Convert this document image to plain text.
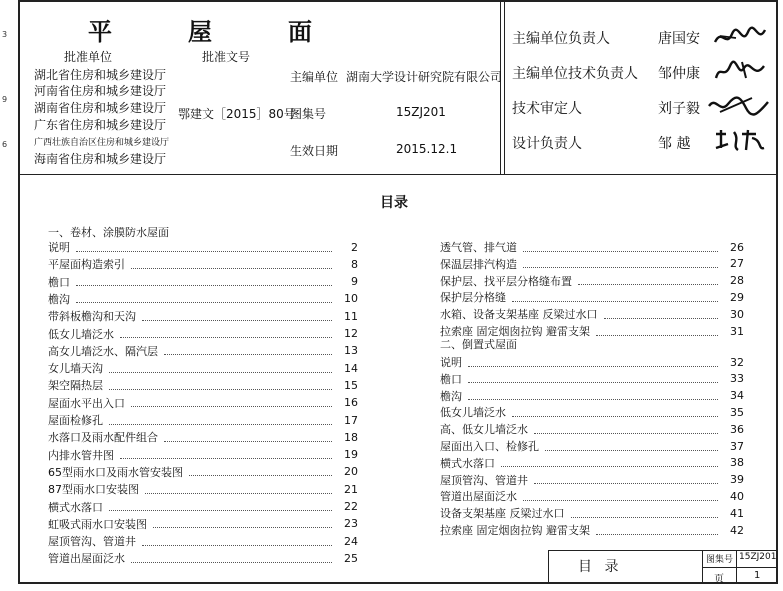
3
9
6
平	屋	面
批准单位	批准文号
湖北省住房和城乡建设厅
河南省住房和城乡建设厅
湖南省住房和城乡建设厅
广东省住房和城乡建设厅
广西壮族自治区住房和城乡建设厅
海南省住房和城乡建设厅
鄂建文［2015］80号
主编单位 湖南大学设计研究院有限公司
图集号	15ZJ201
生效日期	2015.12.1
主编单位负责人	唐国安
主编单位技术负责人 邹仲康
技术审定人	刘子毅
设计负责人	邹 越
目录
一、卷材、涂膜防水屋面
二、倒置式屋面
目 录	图集号 15ZJ201
页	1
说明	2
平屋面构造索引	8
檐口	9
檐沟	10
带斜板檐沟和天沟	11
低女儿墙泛水	12
高女儿墙泛水、隔汽层	13
女儿墙天沟	14
架空隔热层	15
屋面水平出入口	16
屋面检修孔	17
水落口及雨水配件组合	18
内排水管井图	19
65型雨水口及雨水管安装图	20
87型雨水口安装图	21
横式水落口	22
虹吸式雨水口安装图	23
屋顶管沟、管道井	24
管道出屋面泛水	25
透气管、排气道	26
保温层排汽构造	27
保护层、找平层分格缝布置	28
保护层分格缝	29
水箱、设备支架基座 反梁过水口	30
拉索座 固定烟囱拉钩 避雷支架	31
说明	32
檐口	33
檐沟	34
低女儿墙泛水	35
高、低女儿墙泛水	36
屋面出入口、检修孔	37
横式水落口	38
屋顶管沟、管道井	39
管道出屋面泛水	40
设备支架基座 反梁过水口	41
拉索座 固定烟囱拉钩 避雷支架	42
